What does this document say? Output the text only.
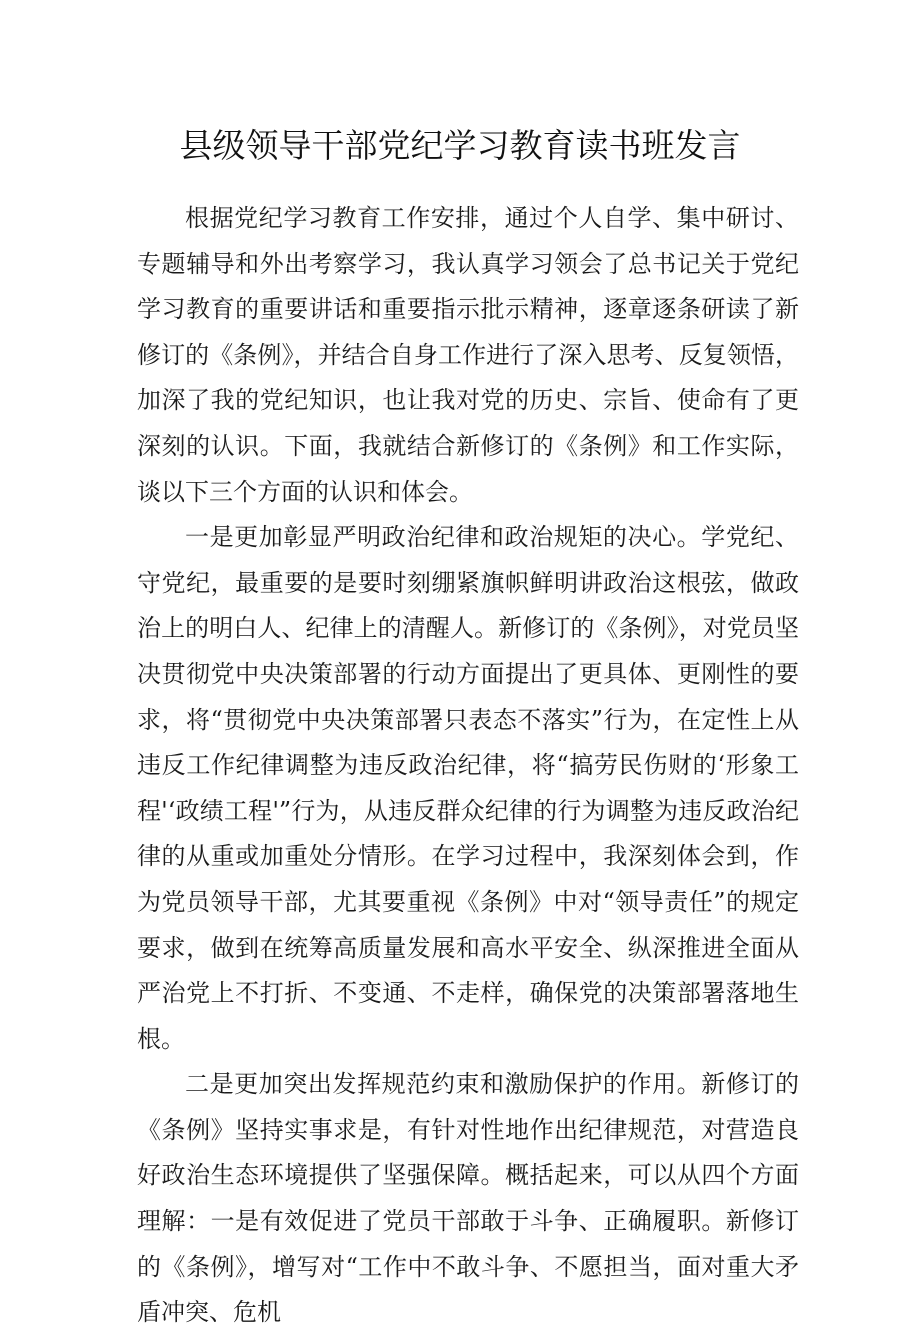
县级领导干部党纪学习教育读书班发言

根据党纪学习教育工作安排，通过个人自学、集中研讨、专题辅导和外出考察学习，我认真学习领会了总书记关于党纪学习教育的重要讲话和重要指示批示精神，逐章逐条研读了新修订的《条例》，并结合自身工作进行了深入思考、反复领悟，加深了我的党纪知识，也让我对党的历史、宗旨、使命有了更深刻的认识。下面，我就结合新修订的《条例》和工作实际，谈以下三个方面的认识和体会。

一是更加彰显严明政治纪律和政治规矩的决心。学党纪、守党纪，最重要的是要时刻绷紧旗帜鲜明讲政治这根弦，做政治上的明白人、纪律上的清醒人。新修订的《条例》，对党员坚决贯彻党中央决策部署的行动方面提出了更具体、更刚性的要求，将“贯彻党中央决策部署只表态不落实”行为，在定性上从违反工作纪律调整为违反政治纪律，将“搞劳民伤财的‘形象工程'‘政绩工程'”行为，从违反群众纪律的行为调整为违反政治纪律的从重或加重处分情形。在学习过程中，我深刻体会到，作为党员领导干部，尤其要重视《条例》中对“领导责任”的规定要求，做到在统筹高质量发展和高水平安全、纵深推进全面从严治党上不打折、不变通、不走样，确保党的决策部署落地生根。

二是更加突出发挥规范约束和激励保护的作用。新修订的《条例》坚持实事求是，有针对性地作出纪律规范，对营造良好政治生态环境提供了坚强保障。概括起来，可以从四个方面理解：一是有效促进了党员干部敢于斗争、正确履职。新修订的《条例》，增写对“工作中不敢斗争、不愿担当，面对重大矛盾冲突、危机
